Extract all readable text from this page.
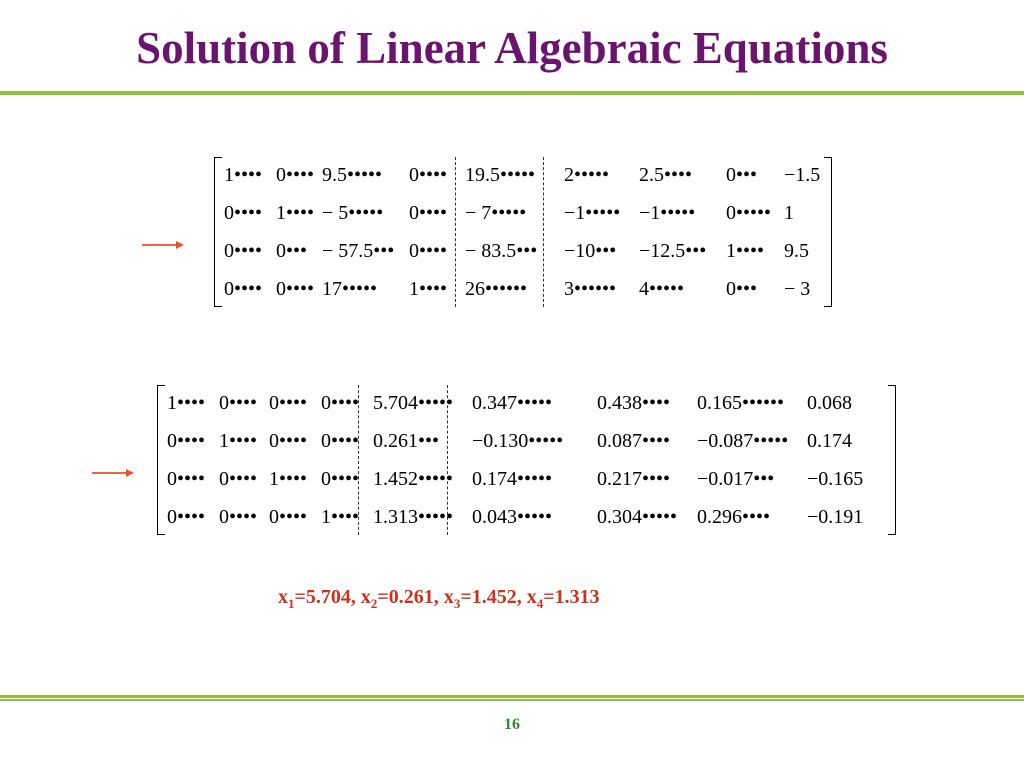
Solution of Linear Algebraic Equations
1•••• 0•••• 9.5••••• 0•••• 19.5••••• 2••••• 2.5•••• 0••• −1.5
0•••• 1•••• − 5••••• 0•••• − 7••••• −1••••• −1••••• 0••••• 1
0•••• 0••• − 57.5••• 0•••• − 83.5••• −10••• −12.5••• 1•••• 9.5
0•••• 0•••• 17••••• 1•••• 26•••••• 3•••••• 4••••• 0••• − 3
1•••• 0•••• 0•••• 0•••• 5.704••••• 0.347••••• 0.438•••• 0.165•••••• 0.068
0•••• 1•••• 0•••• 0•••• 0.261••• −0.130••••• 0.087•••• −0.087••••• 0.174
0•••• 0•••• 1•••• 0•••• 1.452••••• 0.174••••• 0.217•••• −0.017••• −0.165
0•••• 0•••• 0•••• 1•••• 1.313••••• 0.043••••• 0.304••••• 0.296•••• −0.191
$x_1=5.704$, $x_2=0.261$, $x_3=1.452$, $x_4=1.313$
16
